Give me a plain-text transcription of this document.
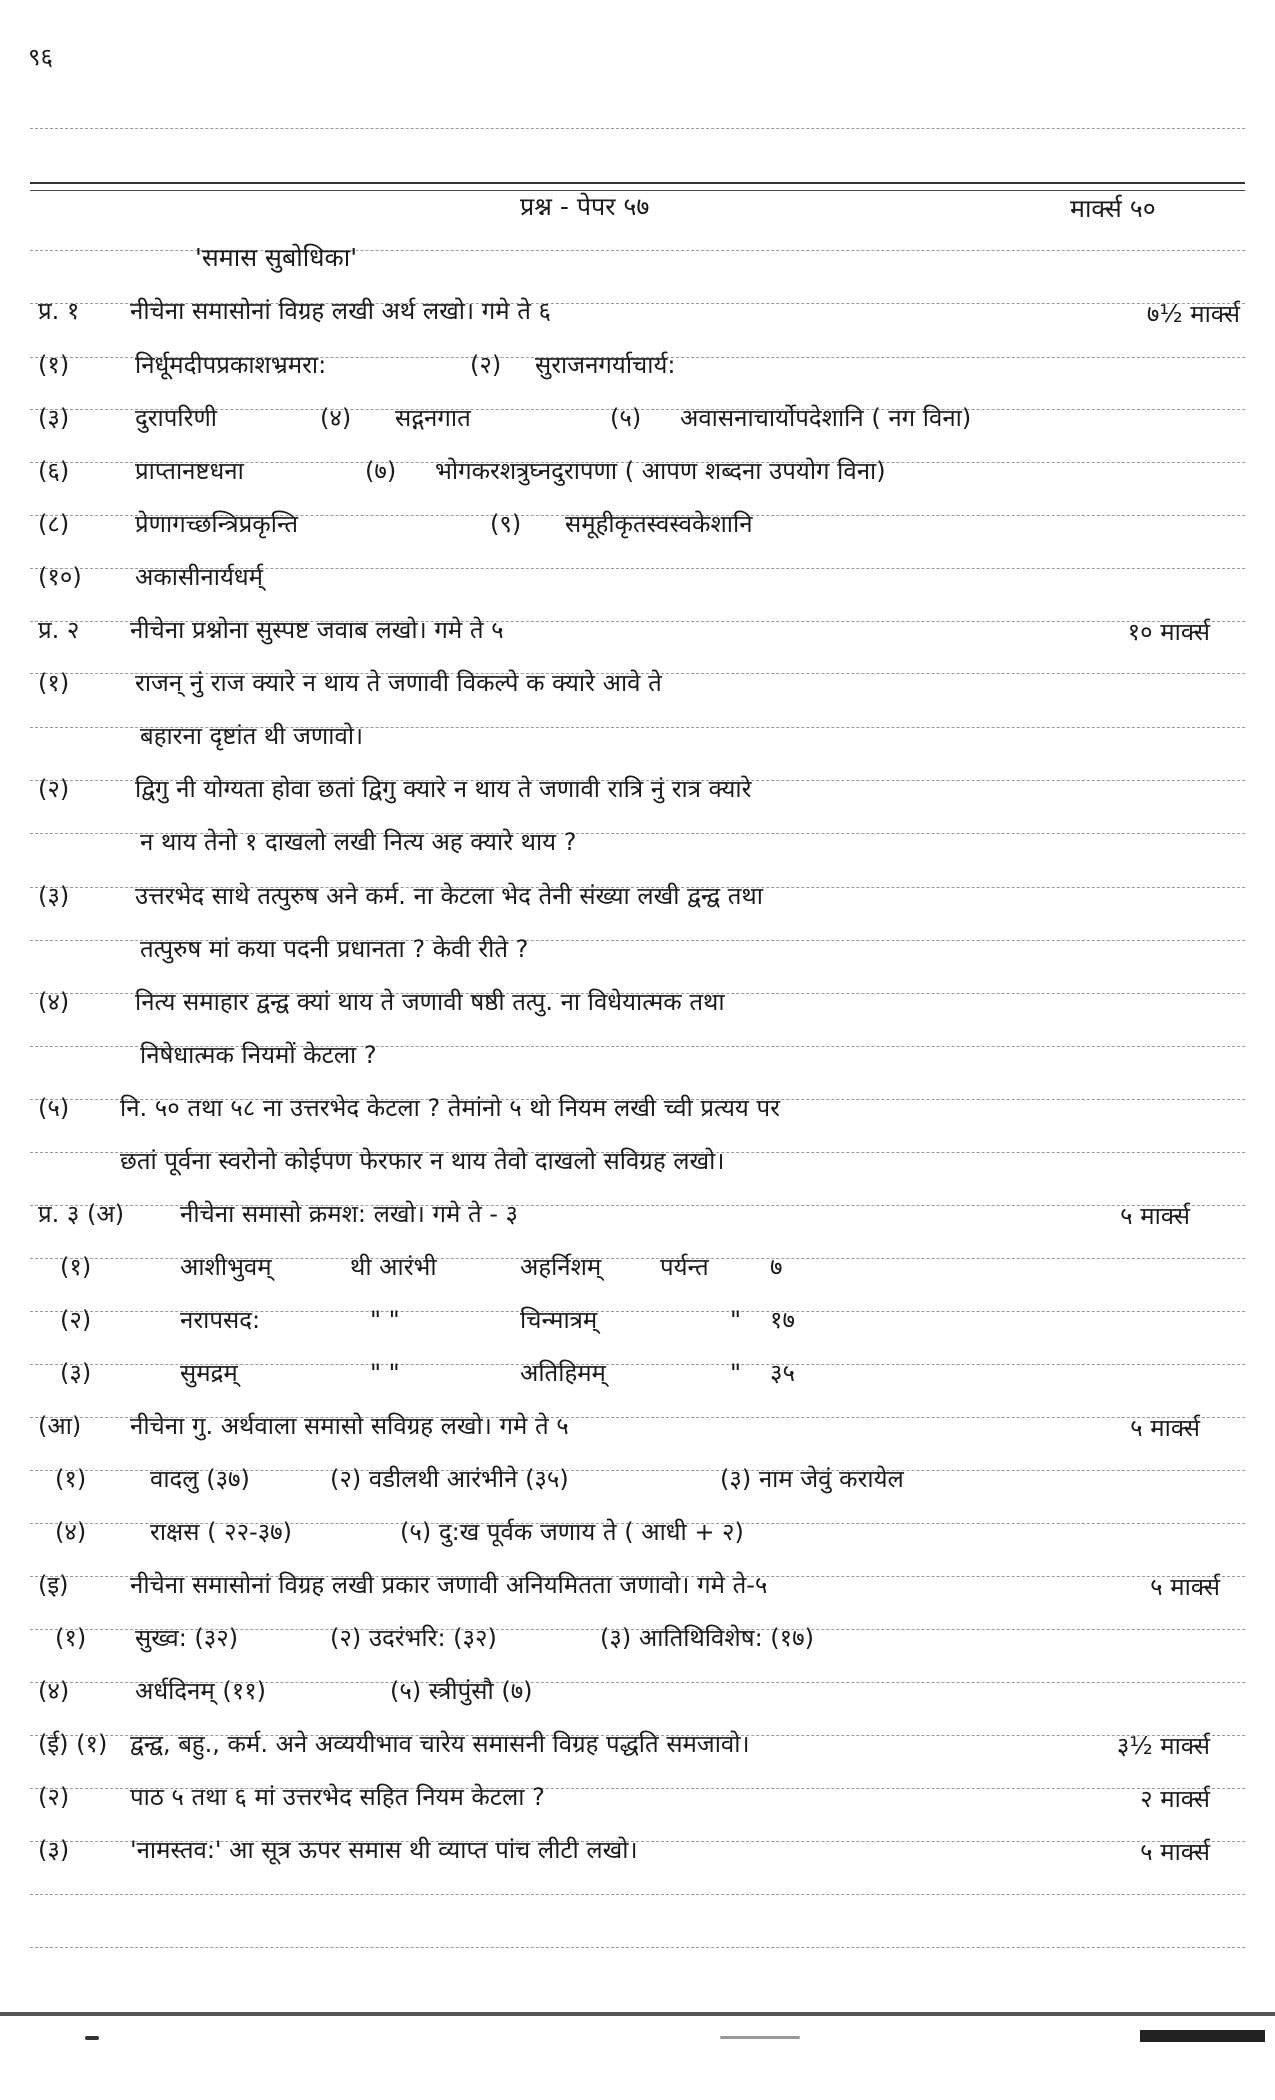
९६
प्रश्न - पेपर ५७	मार्क्स ५०
'समास सुबोधिका'
प्र. १ नीचेना समासोनां विग्रह लखी अर्थ लखो। गमे ते ६	७½ मार्क्स
(१)	निर्धूमदीपप्रकाशभ्रमरा:	(२) सुराजनगर्याचार्य:
(३)	दुरापरिणी	(४) सद्गनगात	(५) अवासनाचार्योपदेशानि ( नग विना)
(६)	प्राप्तानष्टधना	(७) भोगकरशत्रुघ्नदुरापणा ( आपण शब्दना उपयोग विना)
(८)	प्रेणागच्छन्त्रिप्रकृन्ति	(९) समूहीकृतस्वस्वकेशानि
(१०) अकासीनार्यधर्म्
प्र. २ नीचेना प्रश्नोना सुस्पष्ट जवाब लखो। गमे ते ५	१० मार्क्स
(१)	राजन् नुं राज क्यारे न थाय ते जणावी विकल्पे क क्यारे आवे ते
बहारना दृष्टांत थी जणावो।
(२)	द्विगु नी योग्यता होवा छतां द्विगु क्यारे न थाय ते जणावी रात्रि नुं रात्र क्यारे
न थाय तेनो १ दाखलो लखी नित्य अह क्यारे थाय ?
(३)	उत्तरभेद साथे तत्पुरुष अने कर्म. ना केटला भेद तेनी संख्या लखी द्वन्द्व तथा
तत्पुरुष मां कया पदनी प्रधानता ? केवी रीते ?
(४)	नित्य समाहार द्वन्द्व क्यां थाय ते जणावी षष्ठी तत्पु. ना विधेयात्मक तथा
निषेधात्मक नियमों केटला ?
(५) नि. ५० तथा ५८ ना उत्तरभेद केटला ? तेमांनो ५ थो नियम लखी च्वी प्रत्यय पर
छतां पूर्वना स्वरोनो कोईपण फेरफार न थाय तेवो दाखलो सविग्रह लखो।
प्र. ३ (अ) नीचेना समासो क्रमश: लखो। गमे ते - ३	५ मार्क्स
(१)	आशीभुवम्	थी आरंभी	अहर्निशम् पर्यन्त	७
(२)	नरापसद:	" "	चिन्मात्रम्	" १७
(३)	सुमद्रम्	" "	अतिहिमम्	" ३५
(आ) नीचेना गु. अर्थवाला समासो सविग्रह लखो। गमे ते ५	५ मार्क्स
(१)	वादलु (३७)	(२) वडीलथी आरंभीने (३५)	(३) नाम जेवुं करायेल
(४)	राक्षस ( २२-३७)	(५) दु:ख पूर्वक जणाय ते ( आधी + २)
(इ)	नीचेना समासोनां विग्रह लखी प्रकार जणावी अनियमितता जणावो। गमे ते-५	५ मार्क्स
(१) सुख्व: (३२)	(२) उदरंभरि: (३२)	(३) आतिथिविशेष: (१७)
(४)	अर्धदिनम् (११)	(५) स्त्रीपुंसौ (७)
(ई) (१) द्वन्द्व, बहु., कर्म. अने अव्ययीभाव चारेय समासनी विग्रह पद्धति समजावो।	३½ मार्क्स
(२)	पाठ ५ तथा ६ मां उत्तरभेद सहित नियम केटला ?	२ मार्क्स
(३)	'नामस्तव:' आ सूत्र ऊपर समास थी व्याप्त पांच लीटी लखो।	५ मार्क्स
